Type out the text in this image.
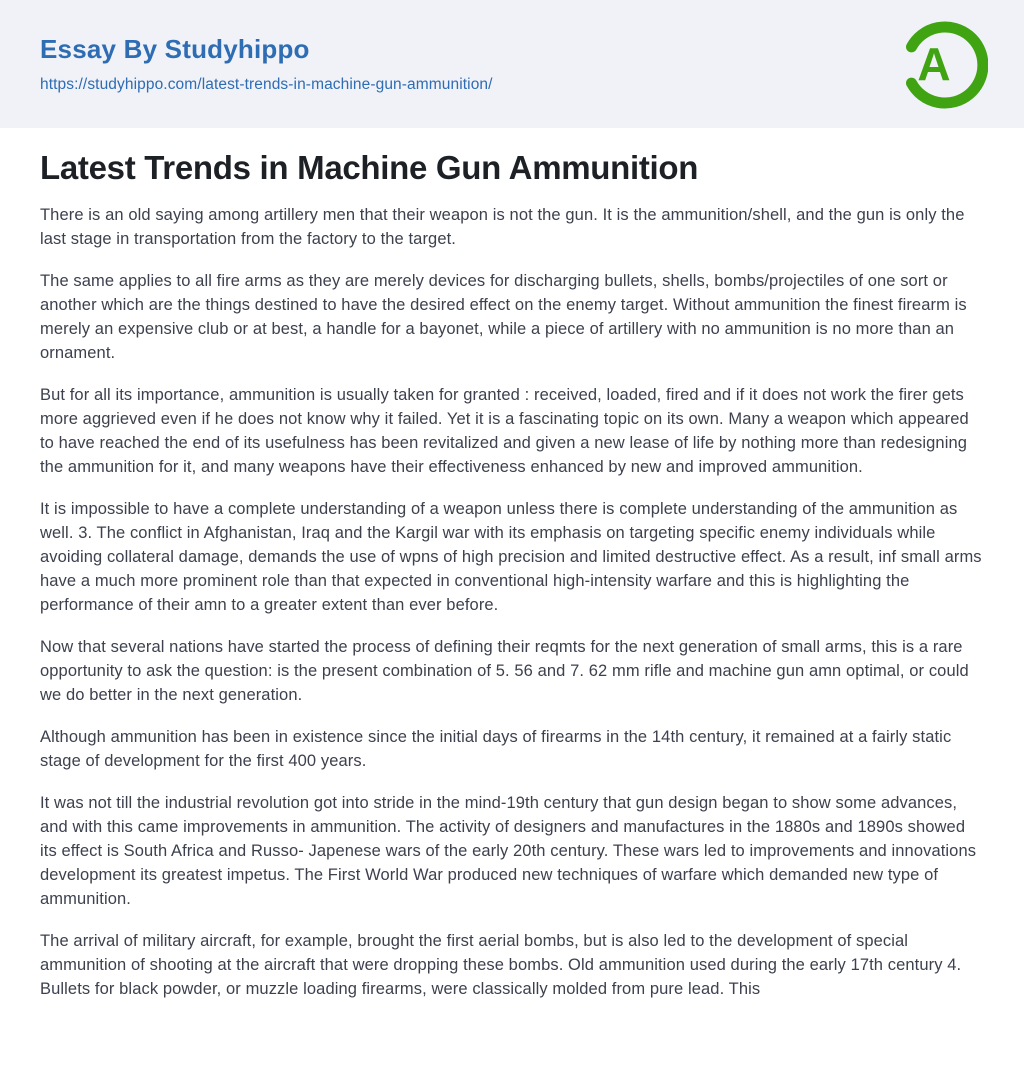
Essay By Studyhippo
https://studyhippo.com/latest-trends-in-machine-gun-ammunition/	A
Latest Trends in Machine Gun Ammunition

There is an old saying among artillery men that their weapon is not the gun. It is the ammunition/shell, and the gun is only the last stage in transportation from the factory to the target.

The same applies to all fire arms as they are merely devices for discharging bullets, shells, bombs/projectiles of one sort or another which are the things destined to have the desired effect on the enemy target. Without ammunition the finest firearm is merely an expensive club or at best, a handle for a bayonet, while a piece of artillery with no ammunition is no more than an ornament.

But for all its importance, ammunition is usually taken for granted : received, loaded, fired and if it does not work the firer gets more aggrieved even if he does not know why it failed. Yet it is a fascinating topic on its own. Many a weapon which appeared to have reached the end of its usefulness has been revitalized and given a new lease of life by nothing more than redesigning the ammunition for it, and many weapons have their effectiveness enhanced by new and improved ammunition.

It is impossible to have a complete understanding of a weapon unless there is complete understanding of the ammunition as well. 3. The conflict in Afghanistan, Iraq and the Kargil war with its emphasis on targeting specific enemy individuals while avoiding collateral damage, demands the use of wpns of high precision and limited destructive effect. As a result, inf small arms have a much more prominent role than that expected in conventional high-intensity warfare and this is highlighting the performance of their amn to a greater extent than ever before.

Now that several nations have started the process of defining their reqmts for the next generation of small arms, this is a rare opportunity to ask the question: is the present combination of 5. 56 and 7. 62 mm rifle and machine gun amn optimal, or could we do better in the next generation.

Although ammunition has been in existence since the initial days of firearms in the 14th century, it remained at a fairly static stage of development for the first 400 years.

It was not till the industrial revolution got into stride in the mind-19th century that gun design began to show some advances, and with this came improvements in ammunition. The activity of designers and manufactures in the 1880s and 1890s showed its effect is South Africa and Russo- Japenese wars of the early 20th century. These wars led to improvements and innovations development its greatest impetus. The First World War produced new techniques of warfare which demanded new type of ammunition.

The arrival of military aircraft, for example, brought the first aerial bombs, but is also led to the development of special ammunition of shooting at the aircraft that were dropping these bombs. Old ammunition used during the early 17th century 4. Bullets for black powder, or muzzle loading firearms, were classically molded from pure lead. This
